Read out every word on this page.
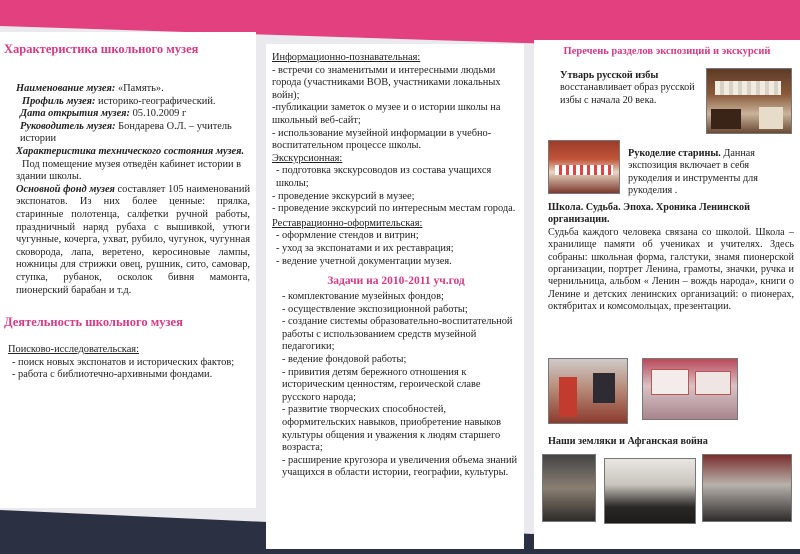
Характеристика школьного музея

Наименование музея: «Память».

Профиль музея: историко-географический.

Дата открытия музея: 05.10.2009 г

Руководитель музея: Бондарева О.Л. – учитель истории

Характеристика технического состояния музея.

Под помещение музея отведён кабинет истории в здании школы.

Основной фонд музея составляет 105 наименований экспонатов. Из них более ценные: прялка, старинные полотенца, салфетки ручной работы, праздничный наряд рубаха с вышивкой, утюги чугунные, кочерга, ухват, рубило, чугунок, чугунная сковорода, лапа, веретено, керосиновые лампы, ножницы для стрижки овец, рушник, сито, самовар, ступка, рубанок, осколок бивня мамонта, пионерский барабан и т.д.

Деятельность школьного музея

Поисково-исследовательская:

- поиск новых экспонатов и исторических фактов;

- работа с библиотечно-архивными фондами.

Информационно-познавательная:

- встречи со знаменитыми и интересными людьми города (участниками ВОВ, участниками локальных войн);

-публикации заметок о музее и о истории школы на школьный веб-сайт;

- использование музейной информации в учебно-воспитательном процессе школы.

Экскурсионная:

- подготовка экскурсоводов из состава учащихся школы;

- проведение экскурсий в музее;

- проведение экскурсий по интересным местам города.

Реставрационно-оформительская:

- оформление стендов и витрин;

- уход за экспонатами и их реставрация;

- ведение учетной документации музея.

Задачи на 2010-2011 уч.год

- комплектование музейных фондов;

- осуществление экспозиционной работы;

- создание системы образовательно-воспитательной работы с использованием средств музейной педагогики;

- ведение фондовой работы;

- привития детям бережного отношения к историческим ценностям, героической славе русского народа;

- развитие творческих способностей, оформительских навыков, приобретение навыков культуры общения и уважения к людям старшего возраста;

- расширение кругозора и увеличения объема знаний учащихся в области истории, географии, культуры.

Перечень разделов экспозиций и экскурсий

Утварь русской избы восстанавливает образ русской избы с начала 20 века.

Рукоделие старины. Данная экспозиция включает в себя рукоделия и инструменты для рукоделия .

Школа. Судьба. Эпоха. Хроника Ленинской организации.

Судьба каждого человека связана со школой. Школа – хранилище памяти об учениках и учителях. Здесь собраны: школьная форма, галстуки, знамя пионерской организации, портрет Ленина, грамоты, значки, ручка и чернильница, альбом « Ленин – вождь народа», книги о Ленине и детских ленинских организаций: о пионерах, октябритах и комсомольцах, презентации.

Наши земляки и Афганская война
